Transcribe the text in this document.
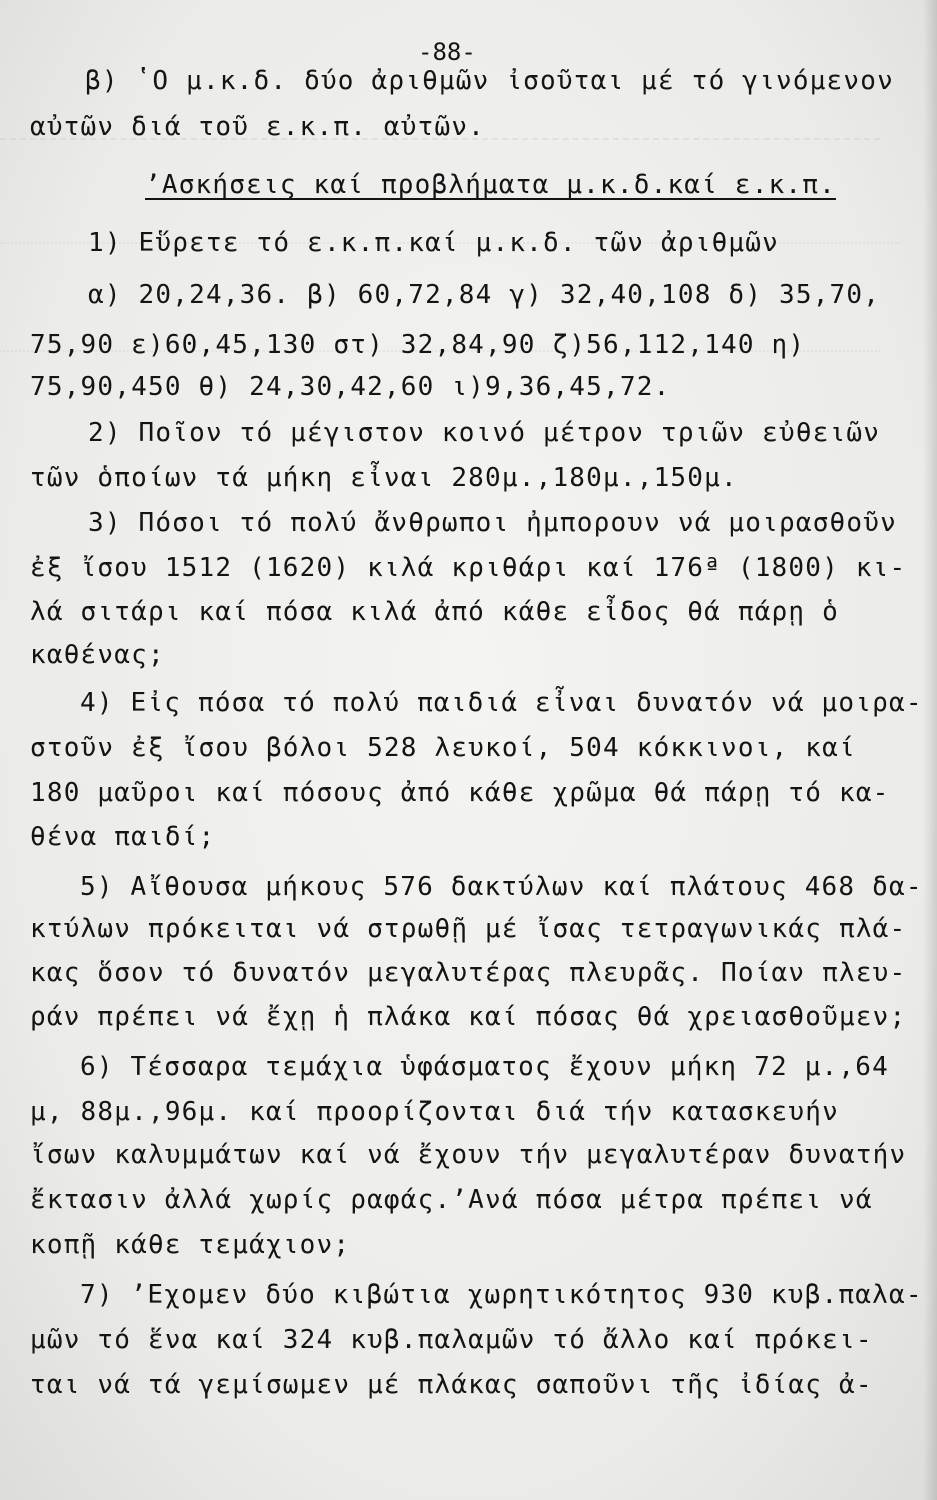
-88-
β) ʽΟ μ.κ.δ. δύο ἀριθμῶν ἰσοῦται μέ τό γινόμενον
αὐτῶν διά τοῦ ε.κ.π. αὐτῶν.
ʼΑσκήσεις καί προβλήματα μ.κ.δ.καί ε.κ.π.
1) Εὕρετε τό ε.κ.π.καί μ.κ.δ. τῶν ἀριθμῶν
α) 20,24,36. β) 60,72,84 γ) 32,40,108 δ) 35,70,
75,90 ε)60,45,130 στ) 32,84,90 ζ)56,112,140 η)
75,90,450 θ) 24,30,42,60 ι)9,36,45,72.
2) Ποῖον τό μέγιστον κοινό μέτρον τριῶν εὐθειῶν
τῶν ὁποίων τά μήκη εἶναι 280μ.,180μ.,150μ.
3) Πόσοι τό πολύ ἄνθρωποι ἠμπορουν νά μοιρασθοῦν
ἐξ ἴσου 1512 (1620) κιλά κριθάρι καί 176ª (1800) κι-
λά σιτάρι καί πόσα κιλά ἀπό κάθε εἶδος θά πάρῃ ὁ
καθένας;
4) Εἰς πόσα τό πολύ παιδιά εἶναι δυνατόν νά μοιρα-
στοῦν ἐξ ἴσου βόλοι 528 λευκοί, 504 κόκκινοι, καί
180 μαῦροι καί πόσους ἀπό κάθε χρῶμα θά πάρῃ τό κα-
θένα παιδί;
5) Αἴθουσα μήκους 576 δακτύλων καί πλάτους 468 δα-
κτύλων πρόκειται νά στρωθῇ μέ ἴσας τετραγωνικάς πλά-
κας ὅσον τό δυνατόν μεγαλυτέρας πλευρᾶς. Ποίαν πλευ-
ράν πρέπει νά ἔχῃ ἡ πλάκα καί πόσας θά χρειασθοῦμεν;
6) Τέσσαρα τεμάχια ὑφάσματος ἔχουν μήκη 72 μ.,64
μ, 88μ.,96μ. καί προορίζονται διά τήν κατασκευήν
ἴσων καλυμμάτων καί νά ἔχουν τήν μεγαλυτέραν δυνατήν
ἔκτασιν ἀλλά χωρίς ραφάς.ʼΑνά πόσα μέτρα πρέπει νά
κοπῇ κάθε τεμάχιον;
7) ʼΕχομεν δύο κιβώτια χωρητικότητος 930 κυβ.παλα-
μῶν τό ἕνα καί 324 κυβ.παλαμῶν τό ἄλλο καί πρόκει-
ται νά τά γεμίσωμεν μέ πλάκας σαποῦνι τῆς ἰδίας ἀ-
